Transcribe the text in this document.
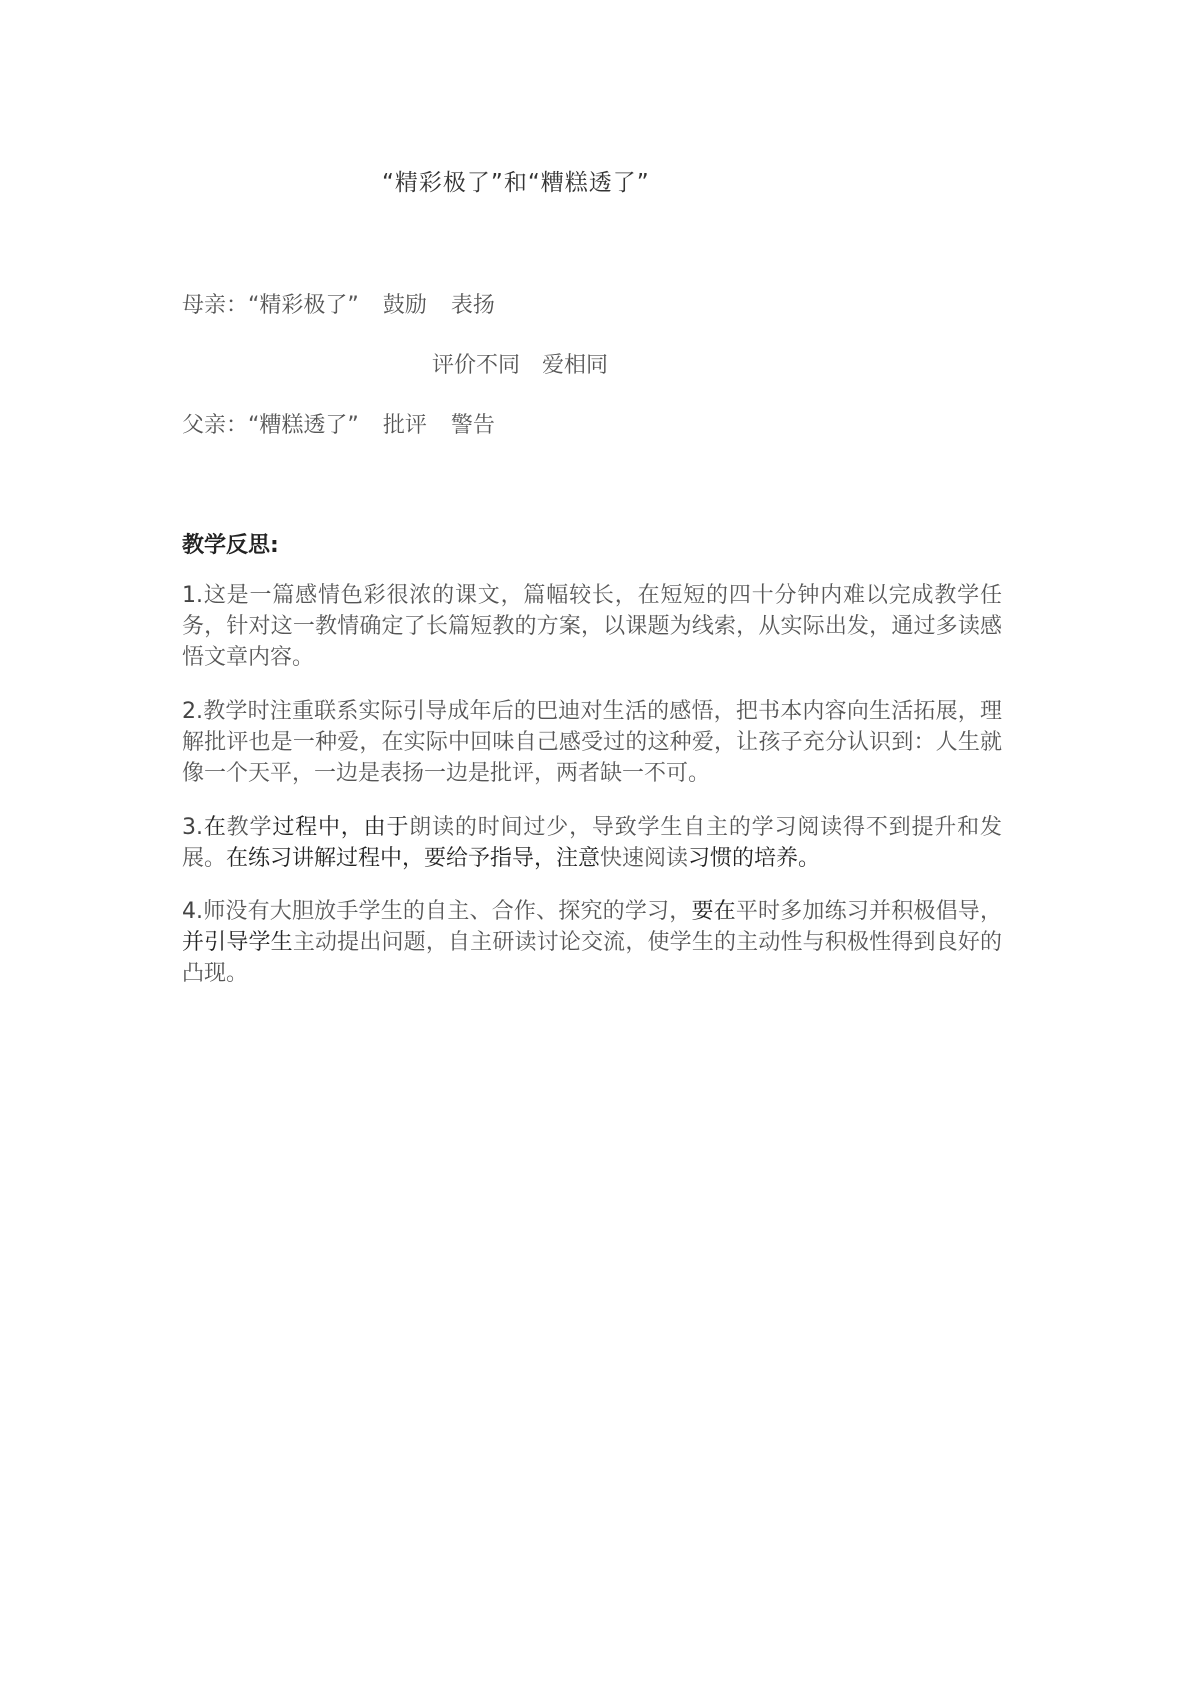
“精彩极了”和“糟糕透了”
母亲：“精彩极了” 鼓励 表扬
评价不同 爱相同
父亲：“糟糕透了” 批评 警告
教学反思:

1.这是一篇感情色彩很浓的课文，篇幅较长，在短短的四十分钟内难以完成教学任务，针对这一教情确定了长篇短教的方案，以课题为线索，从实际出发，通过多读感悟文章内容。

2.教学时注重联系实际引导成年后的巴迪对生活的感悟，把书本内容向生活拓展，理解批评也是一种爱，在实际中回味自己感受过的这种爱，让孩子充分认识到：人生就像一个天平，一边是表扬一边是批评，两者缺一不可。

3.在教学过程中，由于朗读的时间过少，导致学生自主的学习阅读得不到提升和发展。在练习讲解过程中，要给予指导，注意快速阅读习惯的培养。

4.师没有大胆放手学生的自主、合作、探究的学习，要在平时多加练习并积极倡导，并引导学生主动提出问题，自主研读讨论交流，使学生的主动性与积极性得到良好的凸现。
